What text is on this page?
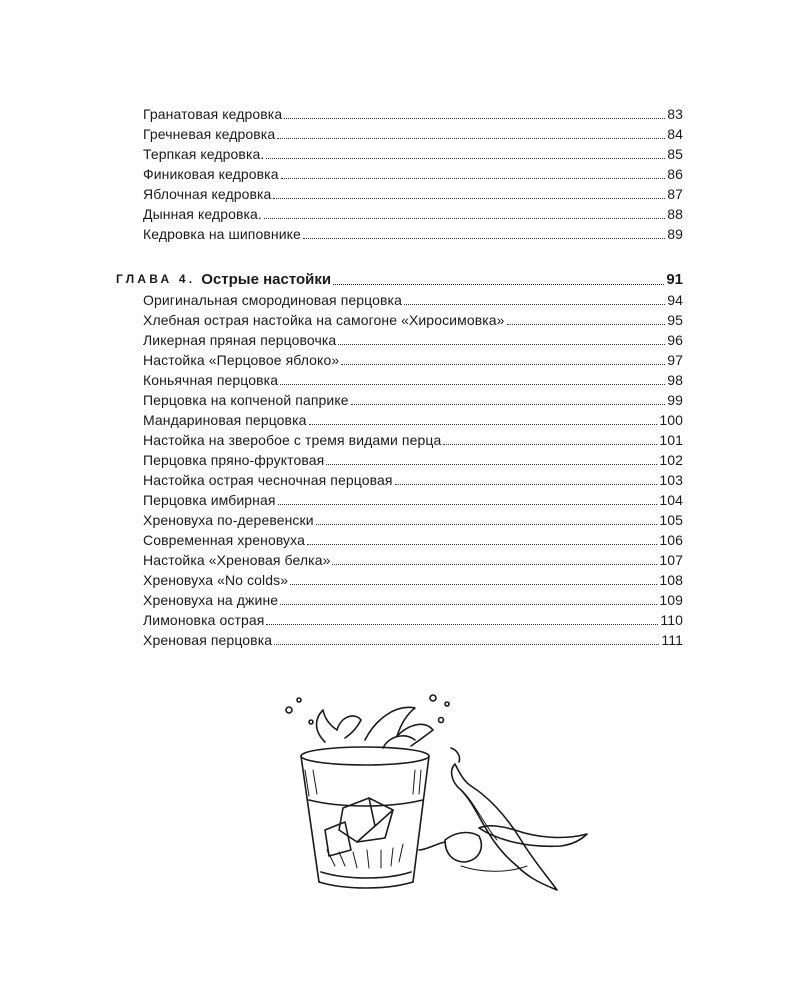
Гранатовая кедровка	83
Гречневая кедровка	84
Терпкая кедровка.	85
Финиковая кедровка	86
Яблочная кедровка	87
Дынная кедровка.	88
Кедровка на шиповнике	89
ГЛАВА 4. Острые настойки	91
Оригинальная смородиновая перцовка	94
Хлебная острая настойка на самогоне «Хиросимовка»	95
Ликерная пряная перцовочка	96
Настойка «Перцовое яблоко»	97
Коньячная перцовка	98
Перцовка на копченой паприке	99
Мандариновая перцовка	100
Настойка на зверобое с тремя видами перца	101
Перцовка пряно-фруктовая	102
Настойка острая чесночная перцовая	103
Перцовка имбирная	104
Хреновуха по-деревенски	105
Современная хреновуха	106
Настойка «Хреновая белка»	107
Хреновуха «No colds»	108
Хреновуха на джине	109
Лимоновка острая	110
Хреновая перцовка	111
